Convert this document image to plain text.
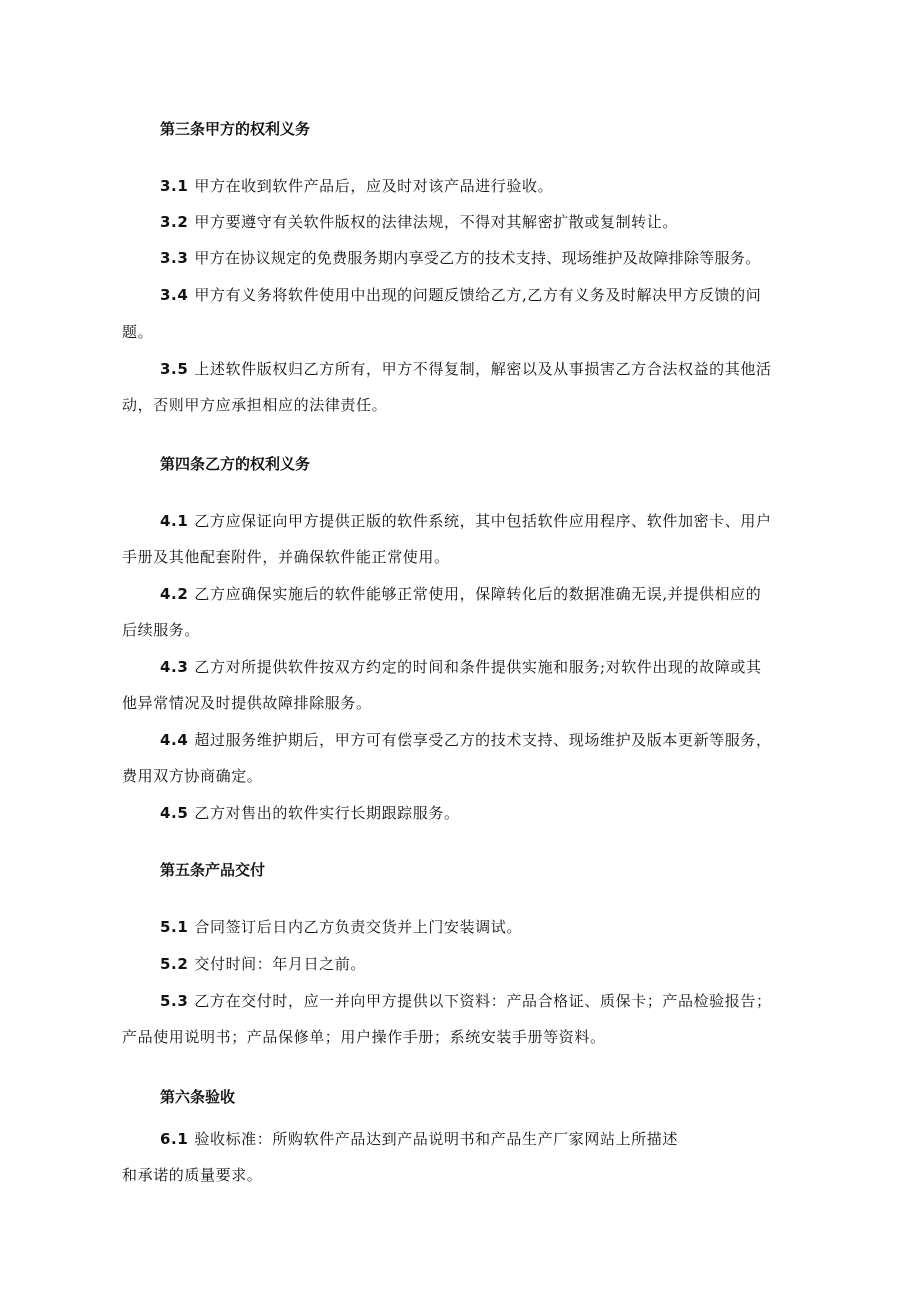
第三条甲方的权利义务
3.1 甲方在收到软件产品后，应及时对该产品进行验收。
3.2 甲方要遵守有关软件版权的法律法规，不得对其解密扩散或复制转让。
3.3 甲方在协议规定的免费服务期内享受乙方的技术支持、现场维护及故障排除等服务。
3.4 甲方有义务将软件使用中出现的问题反馈给乙方,乙方有义务及时解决甲方反馈的问
题。
3.5 上述软件版权归乙方所有，甲方不得复制，解密以及从事损害乙方合法权益的其他活
动，否则甲方应承担相应的法律责任。
第四条乙方的权利义务
4.1 乙方应保证向甲方提供正版的软件系统，其中包括软件应用程序、软件加密卡、用户
手册及其他配套附件，并确保软件能正常使用。
4.2 乙方应确保实施后的软件能够正常使用，保障转化后的数据准确无误,并提供相应的
后续服务。
4.3 乙方对所提供软件按双方约定的时间和条件提供实施和服务;对软件出现的故障或其
他异常情况及时提供故障排除服务。
4.4 超过服务维护期后，甲方可有偿享受乙方的技术支持、现场维护及版本更新等服务，
费用双方协商确定。
4.5 乙方对售出的软件实行长期跟踪服务。
第五条产品交付
5.1 合同签订后日内乙方负责交货并上门安装调试。
5.2 交付时间：年月日之前。
5.3 乙方在交付时，应一并向甲方提供以下资料：产品合格证、质保卡；产品检验报告；
产品使用说明书；产品保修单；用户操作手册；系统安装手册等资料。
第六条验收
6.1 验收标准：所购软件产品达到产品说明书和产品生产厂家网站上所描述
和承诺的质量要求。
